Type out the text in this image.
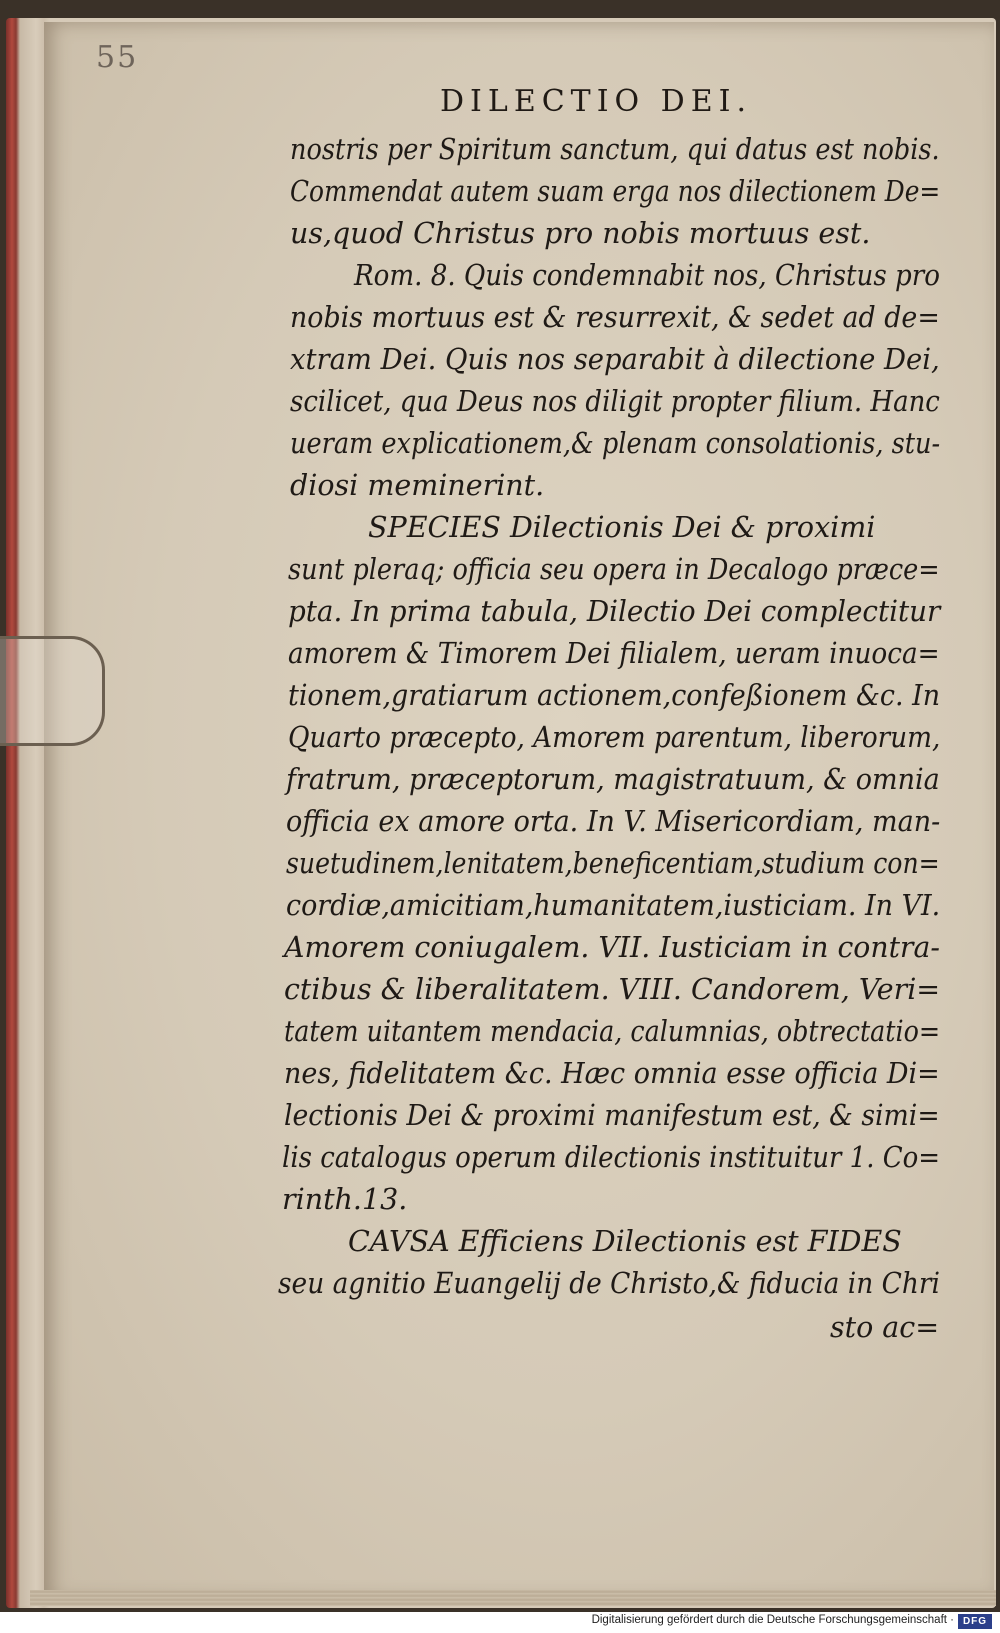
55
DILECTIO DEI.
nostris per Spiritum sanctum, qui datus est nobis.
Commendat autem suam erga nos dilectionem De=
us,quod Christus pro nobis mortuus est.
Rom. 8. Quis condemnabit nos, Christus pro
nobis mortuus est & resurrexit, & sedet ad de=
xtram Dei. Quis nos separabit à dilectione Dei,
scilicet, qua Deus nos diligit propter filium. Hanc
ueram explicationem,& plenam consolationis, stu-
diosi meminerint.
SPECIES Dilectionis Dei & proximi
sunt pleraq; officia seu opera in Decalogo præce=
pta. In prima tabula, Dilectio Dei complectitur
amorem & Timorem Dei filialem, ueram inuoca=
tionem,gratiarum actionem,confeßionem &c. In
Quarto præcepto, Amorem parentum, liberorum,
fratrum, præceptorum, magistratuum, & omnia
officia ex amore orta. In V. Misericordiam, man-
suetudinem,lenitatem,beneficentiam,studium con=
cordiæ,amicitiam,humanitatem,iusticiam. In VI.
Amorem coniugalem. VII. Iusticiam in contra-
ctibus & liberalitatem. VIII. Candorem, Veri=
tatem uitantem mendacia, calumnias, obtrectatio=
nes, fidelitatem &c. Hæc omnia esse officia Di=
lectionis Dei & proximi manifestum est, & simi=
lis catalogus operum dilectionis instituitur 1. Co=
rinth.13.
CAVSA Efficiens Dilectionis est FIDES
seu agnitio Euangelij de Christo,& fiducia in Chri
sto ac=
Digitalisierung gefördert durch die Deutsche Forschungsgemeinschaft · DFG
